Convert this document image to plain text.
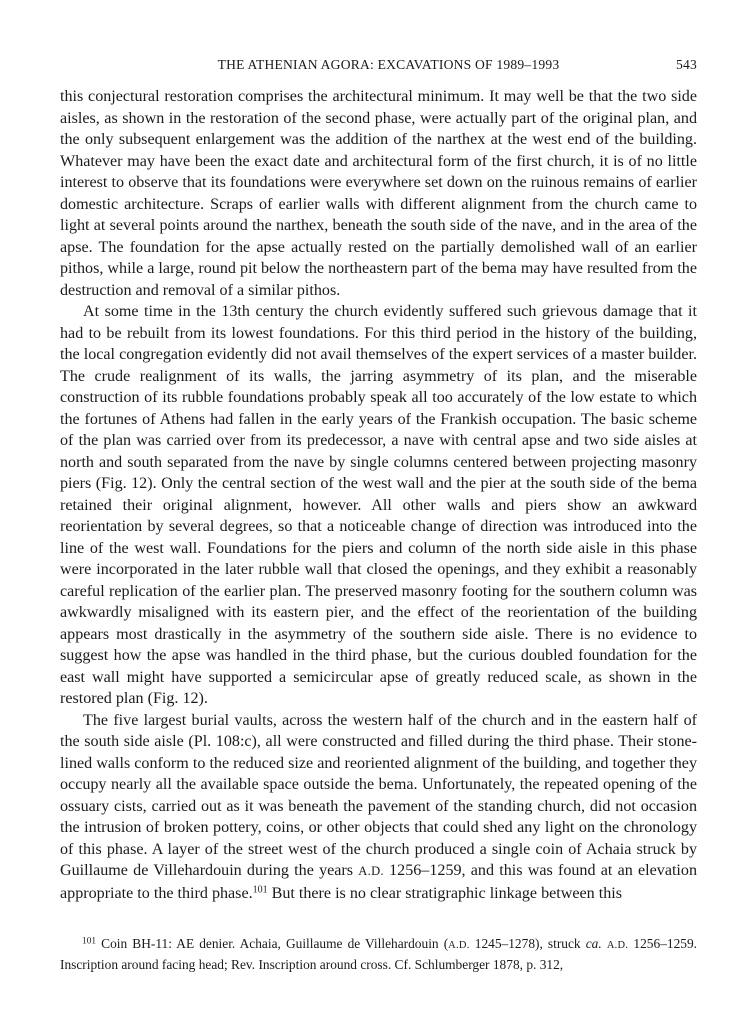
THE ATHENIAN AGORA: EXCAVATIONS OF 1989–1993	543

this conjectural restoration comprises the architectural minimum. It may well be that the two side aisles, as shown in the restoration of the second phase, were actually part of the original plan, and the only subsequent enlargement was the addition of the narthex at the west end of the building. Whatever may have been the exact date and architectural form of the first church, it is of no little interest to observe that its foundations were everywhere set down on the ruinous remains of earlier domestic architecture. Scraps of earlier walls with different alignment from the church came to light at several points around the narthex, beneath the south side of the nave, and in the area of the apse. The foundation for the apse actually rested on the partially demolished wall of an earlier pithos, while a large, round pit below the northeastern part of the bema may have resulted from the destruction and removal of a similar pithos.

At some time in the 13th century the church evidently suffered such grievous damage that it had to be rebuilt from its lowest foundations. For this third period in the history of the building, the local congregation evidently did not avail themselves of the expert services of a master builder. The crude realignment of its walls, the jarring asymmetry of its plan, and the miserable construction of its rubble foundations probably speak all too accurately of the low estate to which the fortunes of Athens had fallen in the early years of the Frankish occupation. The basic scheme of the plan was carried over from its predecessor, a nave with central apse and two side aisles at north and south separated from the nave by single columns centered between projecting masonry piers (Fig. 12). Only the central section of the west wall and the pier at the south side of the bema retained their original alignment, however. All other walls and piers show an awkward reorientation by several degrees, so that a noticeable change of direction was introduced into the line of the west wall. Foundations for the piers and column of the north side aisle in this phase were incorporated in the later rubble wall that closed the openings, and they exhibit a reasonably careful replication of the earlier plan. The preserved masonry footing for the southern column was awkwardly misaligned with its eastern pier, and the effect of the reorientation of the building appears most drastically in the asymmetry of the southern side aisle. There is no evidence to suggest how the apse was handled in the third phase, but the curious doubled foundation for the east wall might have supported a semicircular apse of greatly reduced scale, as shown in the restored plan (Fig. 12).

The five largest burial vaults, across the western half of the church and in the eastern half of the south side aisle (Pl. 108:c), all were constructed and filled during the third phase. Their stone-lined walls conform to the reduced size and reoriented alignment of the building, and together they occupy nearly all the available space outside the bema. Unfortunately, the repeated opening of the ossuary cists, carried out as it was beneath the pavement of the standing church, did not occasion the intrusion of broken pottery, coins, or other objects that could shed any light on the chronology of this phase. A layer of the street west of the church produced a single coin of Achaia struck by Guillaume de Villehardouin during the years A.D. 1256–1259, and this was found at an elevation appropriate to the third phase.$^{101}$ But there is no clear stratigraphic linkage between this

$^{101}$ Coin BH-11: AE denier. Achaia, Guillaume de Villehardouin (A.D. 1245–1278), struck ca. A.D. 1256–1259. Inscription around facing head; Rev. Inscription around cross. Cf. Schlumberger 1878, p. 312,
